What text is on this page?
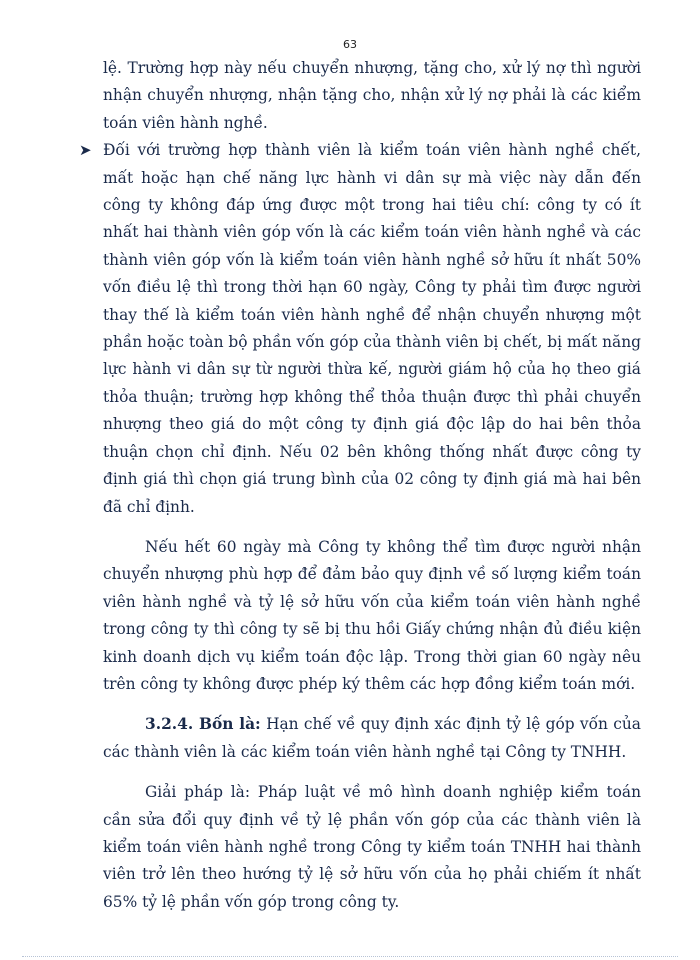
63

lệ. Trường hợp này nếu chuyển nhượng, tặng cho, xử lý nợ thì người nhận chuyển nhượng, nhận tặng cho, nhận xử lý nợ phải là các kiểm toán viên hành nghề.

➤ Đối với trường hợp thành viên là kiểm toán viên hành nghề chết, mất hoặc hạn chế năng lực hành vi dân sự mà việc này dẫn đến công ty không đáp ứng được một trong hai tiêu chí: công ty có ít nhất hai thành viên góp vốn là các kiểm toán viên hành nghề và các thành viên góp vốn là kiểm toán viên hành nghề sở hữu ít nhất 50% vốn điều lệ thì trong thời hạn 60 ngày, Công ty phải tìm được người thay thế là kiểm toán viên hành nghề để nhận chuyển nhượng một phần hoặc toàn bộ phần vốn góp của thành viên bị chết, bị mất năng lực hành vi dân sự từ người thừa kế, người giám hộ của họ theo giá thỏa thuận; trường hợp không thể thỏa thuận được thì phải chuyển nhượng theo giá do một công ty định giá độc lập do hai bên thỏa thuận chọn chỉ định. Nếu 02 bên không thống nhất được công ty định giá thì chọn giá trung bình của 02 công ty định giá mà hai bên đã chỉ định.

Nếu hết 60 ngày mà Công ty không thể tìm được người nhận chuyển nhượng phù hợp để đảm bảo quy định về số lượng kiểm toán viên hành nghề và tỷ lệ sở hữu vốn của kiểm toán viên hành nghề trong công ty thì công ty sẽ bị thu hồi Giấy chứng nhận đủ điều kiện kinh doanh dịch vụ kiểm toán độc lập. Trong thời gian 60 ngày nêu trên công ty không được phép ký thêm các hợp đồng kiểm toán mới.

3.2.4. Bốn là: Hạn chế về quy định xác định tỷ lệ góp vốn của các thành viên là các kiểm toán viên hành nghề tại Công ty TNHH.

Giải pháp là: Pháp luật về mô hình doanh nghiệp kiểm toán cần sửa đổi quy định về tỷ lệ phần vốn góp của các thành viên là kiểm toán viên hành nghề trong Công ty kiểm toán TNHH hai thành viên trở lên theo hướng tỷ lệ sở hữu vốn của họ phải chiếm ít nhất 65% tỷ lệ phần vốn góp trong công ty.
